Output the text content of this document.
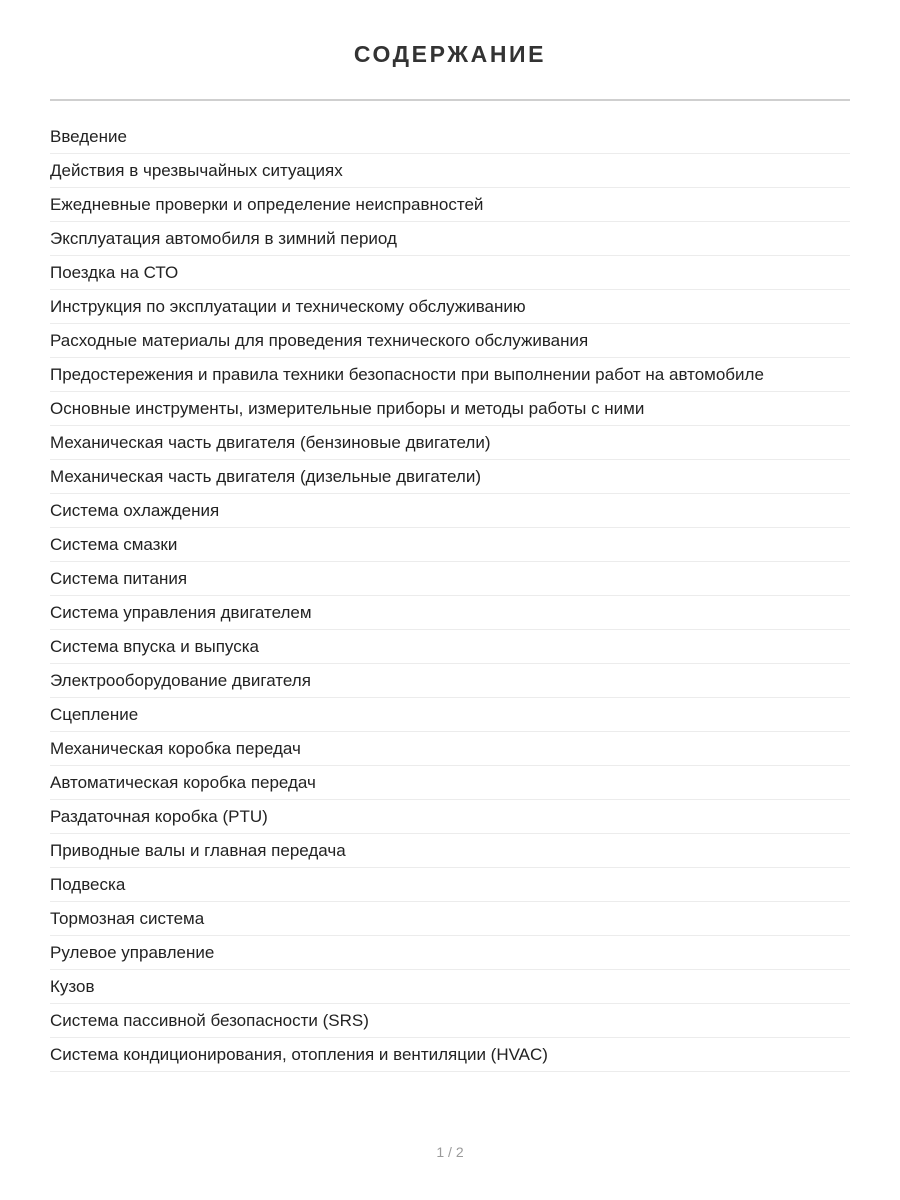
СОДЕРЖАНИЕ
Введение
Действия в чрезвычайных ситуациях
Ежедневные проверки и определение неисправностей
Эксплуатация автомобиля в зимний период
Поездка на СТО
Инструкция по эксплуатации и техническому обслуживанию
Расходные материалы для проведения технического обслуживания
Предостережения и правила техники безопасности при выполнении работ на автомобиле
Основные инструменты, измерительные приборы и методы работы с ними
Механическая часть двигателя (бензиновые двигатели)
Механическая часть двигателя (дизельные двигатели)
Система охлаждения
Система смазки
Система питания
Система управления двигателем
Система впуска и выпуска
Электрооборудование двигателя
Сцепление
Механическая коробка передач
Автоматическая коробка передач
Раздаточная коробка (PTU)
Приводные валы и главная передача
Подвеска
Тормозная система
Рулевое управление
Кузов
Система пассивной безопасности (SRS)
Система кондиционирования, отопления и вентиляции (HVAC)
1 / 2
